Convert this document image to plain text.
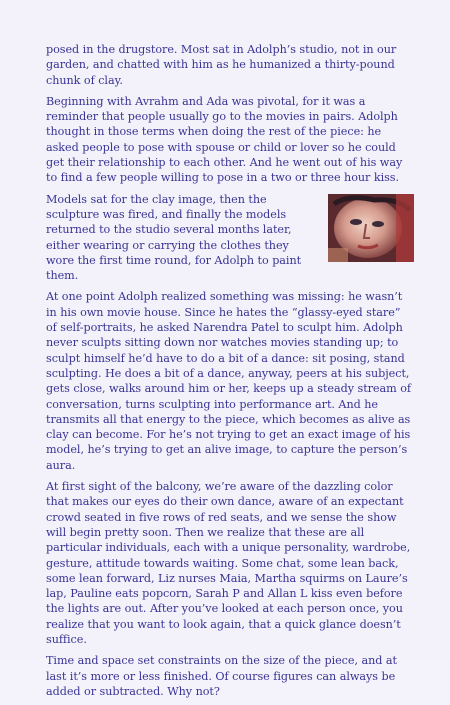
posed in the drugstore. Most sat in Adolph’s studio, not in our garden, and chatted with him as he humanized a thirty-pound chunk of clay.

Beginning with Avrahm and Ada was pivotal, for it was a reminder that people usually go to the movies in pairs. Adolph thought in those terms when doing the rest of the piece: he asked people to pose with spouse or child or lover so he could get their relationship to each other. And he went out of his way to find a few people willing to pose in a two or three hour kiss.

Models sat for the clay image, then the sculpture was fired, and finally the models returned to the studio several months later, either wearing or carrying the clothes they wore the first time round, for Adolph to paint them.

At one point Adolph realized something was missing: he wasn’t in his own movie house. Since he hates the “glassy-eyed stare” of self-portraits, he asked Narendra Patel to sculpt him. Adolph never sculpts sitting down nor watches movies standing up; to sculpt himself he’d have to do a bit of a dance: sit posing, stand sculpting. He does a bit of a dance, anyway, peers at his subject, gets close, walks around him or her, keeps up a steady stream of conversation, turns sculpting into performance art. And he transmits all that energy to the piece, which becomes as alive as clay can become. For he’s not trying to get an exact image of his model, he’s trying to get an alive image, to capture the person’s aura.

At first sight of the balcony, we’re aware of the dazzling color that makes our eyes do their own dance, aware of an expectant crowd seated in five rows of red seats, and we sense the show will begin pretty soon. Then we realize that these are all particular individuals, each with a unique personality, wardrobe, gesture, attitude towards waiting. Some chat, some lean back, some lean forward, Liz nurses Maia, Martha squirms on Laure’s lap, Pauline eats popcorn, Sarah P and Allan L kiss even before the lights are out. After you’ve looked at each person once, you realize that you want to look again, that a quick glance doesn’t suffice.

Time and space set constraints on the size of the piece, and at last it’s more or less finished. Of course figures can always be added or subtracted. Why not?
